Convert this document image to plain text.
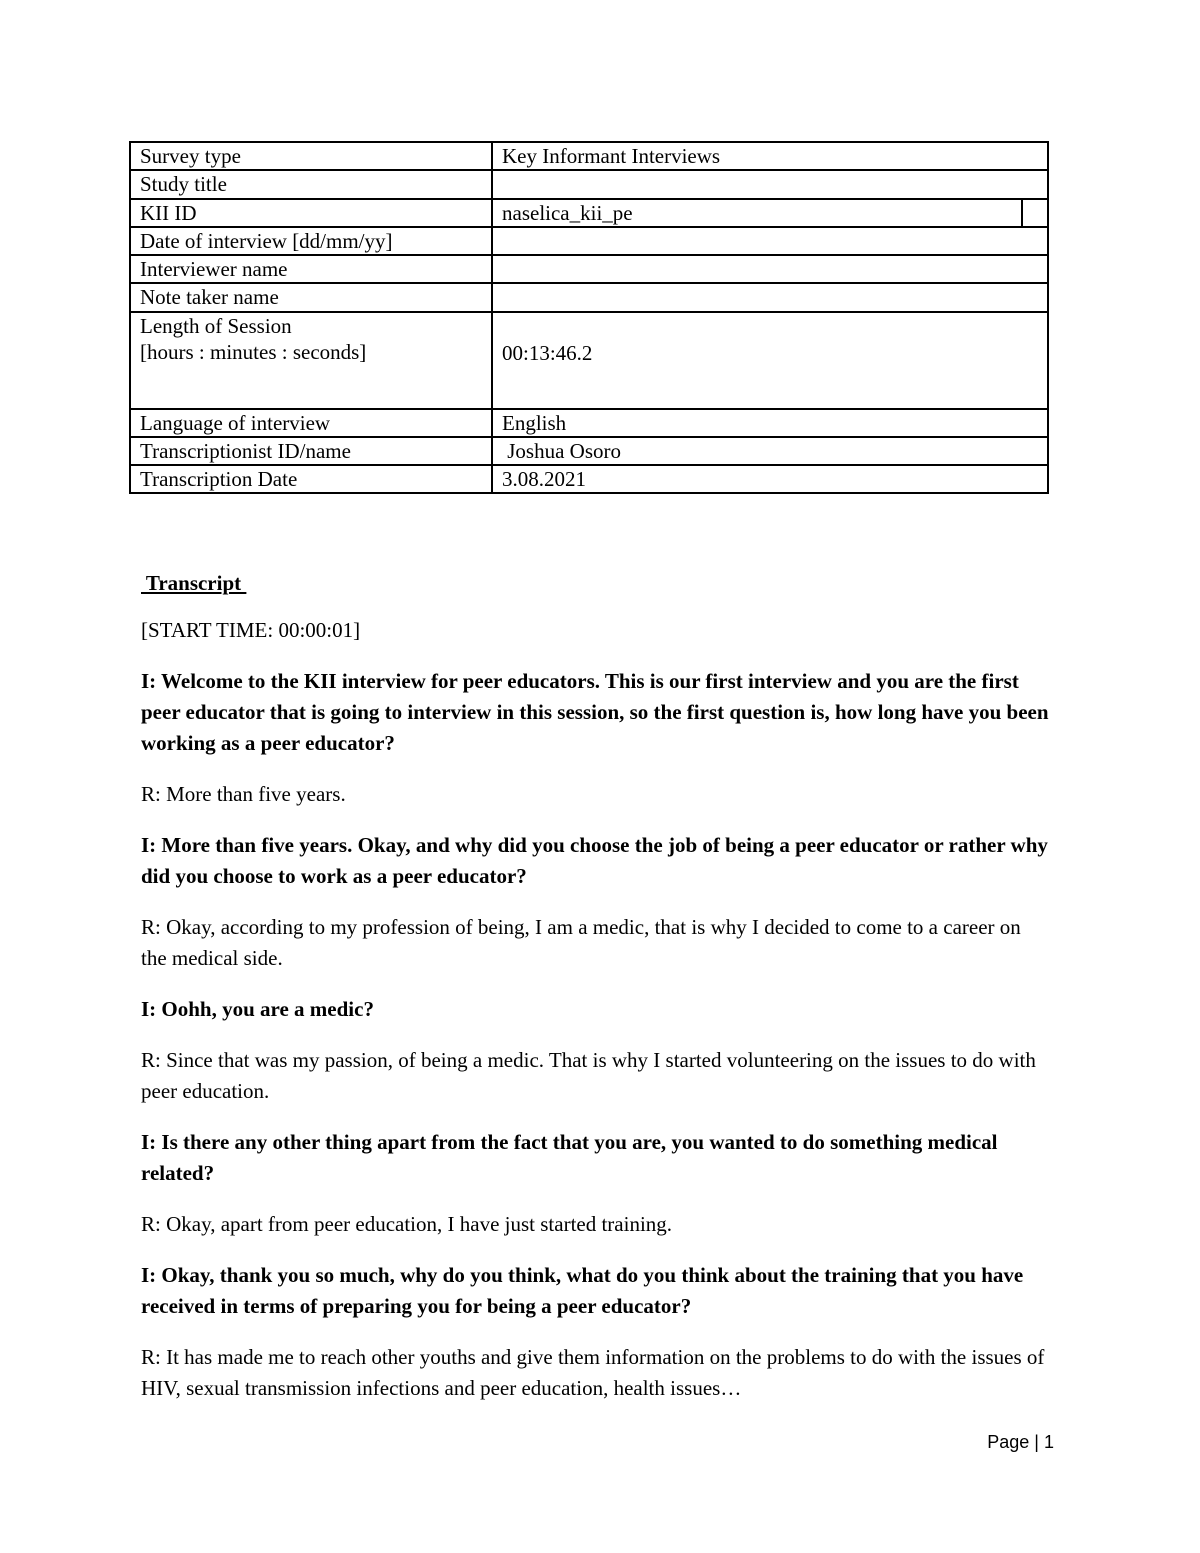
Survey type	Key Informant Interviews
Study title	
KII ID	naselica_kii_pe

Date of interview [dd/mm/yy]	
Interviewer name	
Note taker name	

Length of Session
[hours : minutes : seconds]	00:13:46.2
Language of interview	English
Transcriptionist ID/name	Joshua Osoro
Transcription Date	3.08.2021

Transcript

[START TIME: 00:00:01]

I: Welcome to the KII interview for peer educators. This is our first interview and you are the first peer educator that is going to interview in this session, so the first question is, how long have you been working as a peer educator?

R: More than five years.

I: More than five years. Okay, and why did you choose the job of being a peer educator or rather why did you choose to work as a peer educator?

R: Okay, according to my profession of being, I am a medic, that is why I decided to come to a career on the medical side.

I: Oohh, you are a medic?

R: Since that was my passion, of being a medic. That is why I started volunteering on the issues to do with peer education.

I: Is there any other thing apart from the fact that you are, you wanted to do something medical related?

R: Okay, apart from peer education, I have just started training.

I: Okay, thank you so much, why do you think, what do you think about the training that you have received in terms of preparing you for being a peer educator?

R: It has made me to reach other youths and give them information on the problems to do with the issues of HIV, sexual transmission infections and peer education, health issues…

Page | 1
